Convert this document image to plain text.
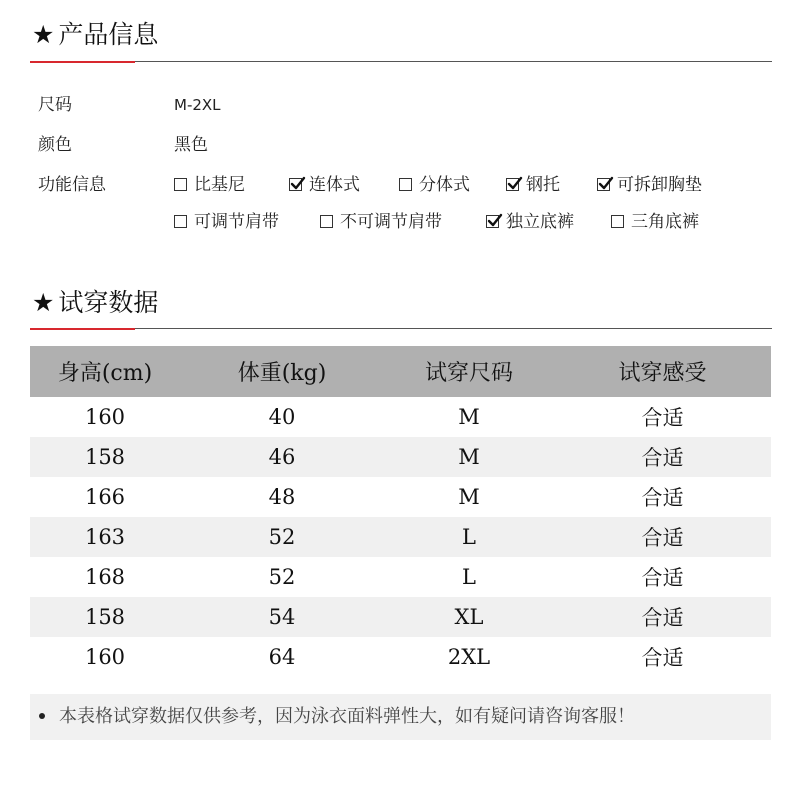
★ 产品信息
尺码	M-2XL
颜色	黑色
功能信息	比基尼	连体式	分体式	钢托	可拆卸胸垫
可调节肩带	不可调节肩带	独立底裤	三角底裤
★ 试穿数据
身高(cm)	体重(kg)	试穿尺码	试穿感受
160	40	M	合适
158	46	M	合适
166	48	M	合适
163	52	L	合适
168	52	L	合适
158	54	XL	合适
160	64	2XL	合适
本表格试穿数据仅供参考，因为泳衣面料弹性大，如有疑问请咨询客服！
